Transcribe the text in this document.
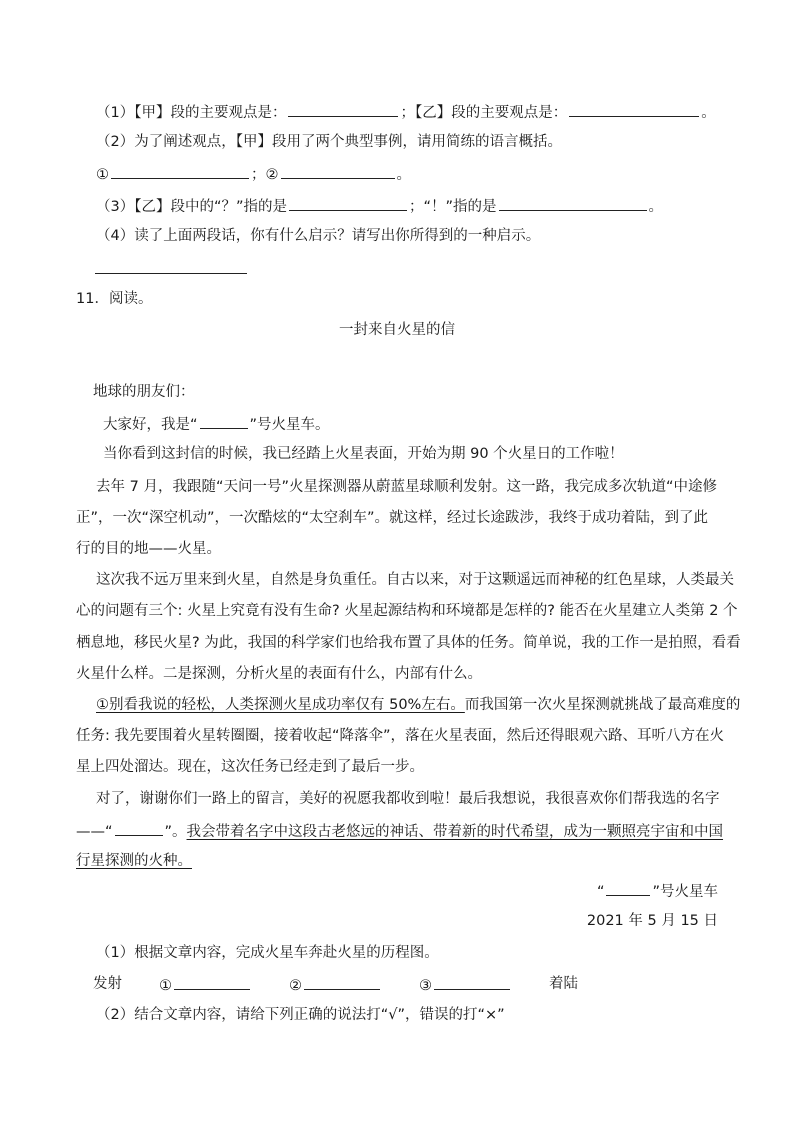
（1）【甲】段的主要观点是：	；【乙】段的主要观点是：	。
（2）为了阐述观点，【甲】段用了两个典型事例，请用简练的语言概括。
①	；②	。
（3）【乙】段中的“？”指的是	；“！”指的是	。
（4）读了上面两段话，你有什么启示？请写出你所得到的一种启示。
11．阅读。
一封来自火星的信
地球的朋友们：
大家好，我是“	”号火星车。
当你看到这封信的时候，我已经踏上火星表面，开始为期 90 个火星日的工作啦！
去年 7 月，我跟随“天问一号”火星探测器从蔚蓝星球顺利发射。这一路，我完成多次轨道“中途修
正”，一次“深空机动”，一次酷炫的“太空刹车”。就这样，经过长途跋涉，我终于成功着陆，到了此
行的目的地——火星。
这次我不远万里来到火星，自然是身负重任。自古以来，对于这颗遥远而神秘的红色星球，人类最关
心的问题有三个: 火星上究竟有没有生命? 火星起源结构和环境都是怎样的? 能否在火星建立人类第 2 个
栖息地，移民火星? 为此，我国的科学家们也给我布置了具体的任务。简单说，我的工作一是拍照，看看
火星什么样。二是探测，分析火星的表面有什么，内部有什么。
①别看我说的轻松，人类探测火星成功率仅有 50%左右。而我国第一次火星探测就挑战了最高难度的
任务: 我先要围着火星转圈圈，接着收起“降落伞”，落在火星表面，然后还得眼观六路、耳听八方在火
星上四处溜达。现在，这次任务已经走到了最后一步。
对了，谢谢你们一路上的留言，美好的祝愿我都收到啦！最后我想说，我很喜欢你们帮我选的名字
——“	”。我会带着名字中这段古老悠远的神话、带着新的时代希望，成为一颗照亮宇宙和中国
行星探测的火种。
“	”号火星车
2021 年 5 月 15 日
（1）根据文章内容，完成火星车奔赴火星的历程图。
发射	①	②	③	着陆
（2）结合文章内容，请给下列正确的说法打“√”，错误的打“×”
